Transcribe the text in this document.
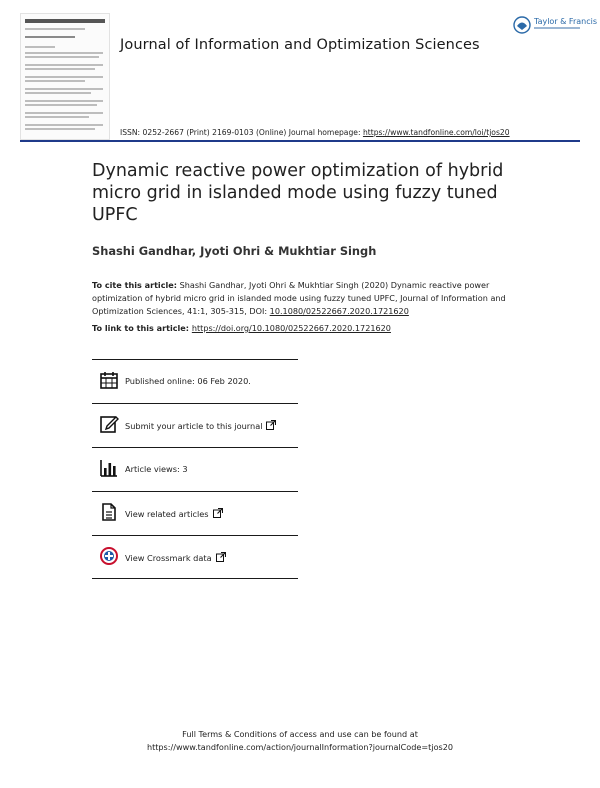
Journal of Information and Optimization Sciences
Taylor & Francis
ISSN: 0252-2667 (Print) 2169-0103 (Online) Journal homepage: https://www.tandfonline.com/loi/tjos20
Dynamic reactive power optimization of hybrid micro grid in islanded mode using fuzzy tuned UPFC
Shashi Gandhar, Jyoti Ohri & Mukhtiar Singh
To cite this article: Shashi Gandhar, Jyoti Ohri & Mukhtiar Singh (2020) Dynamic reactive power optimization of hybrid micro grid in islanded mode using fuzzy tuned UPFC, Journal of Information and Optimization Sciences, 41:1, 305-315, DOI: 10.1080/02522667.2020.1721620
To link to this article: https://doi.org/10.1080/02522667.2020.1721620
Published online: 06 Feb 2020.
Submit your article to this journal
Article views: 3
View related articles
View Crossmark data
Full Terms & Conditions of access and use can be found at
https://www.tandfonline.com/action/journalInformation?journalCode=tjos20
